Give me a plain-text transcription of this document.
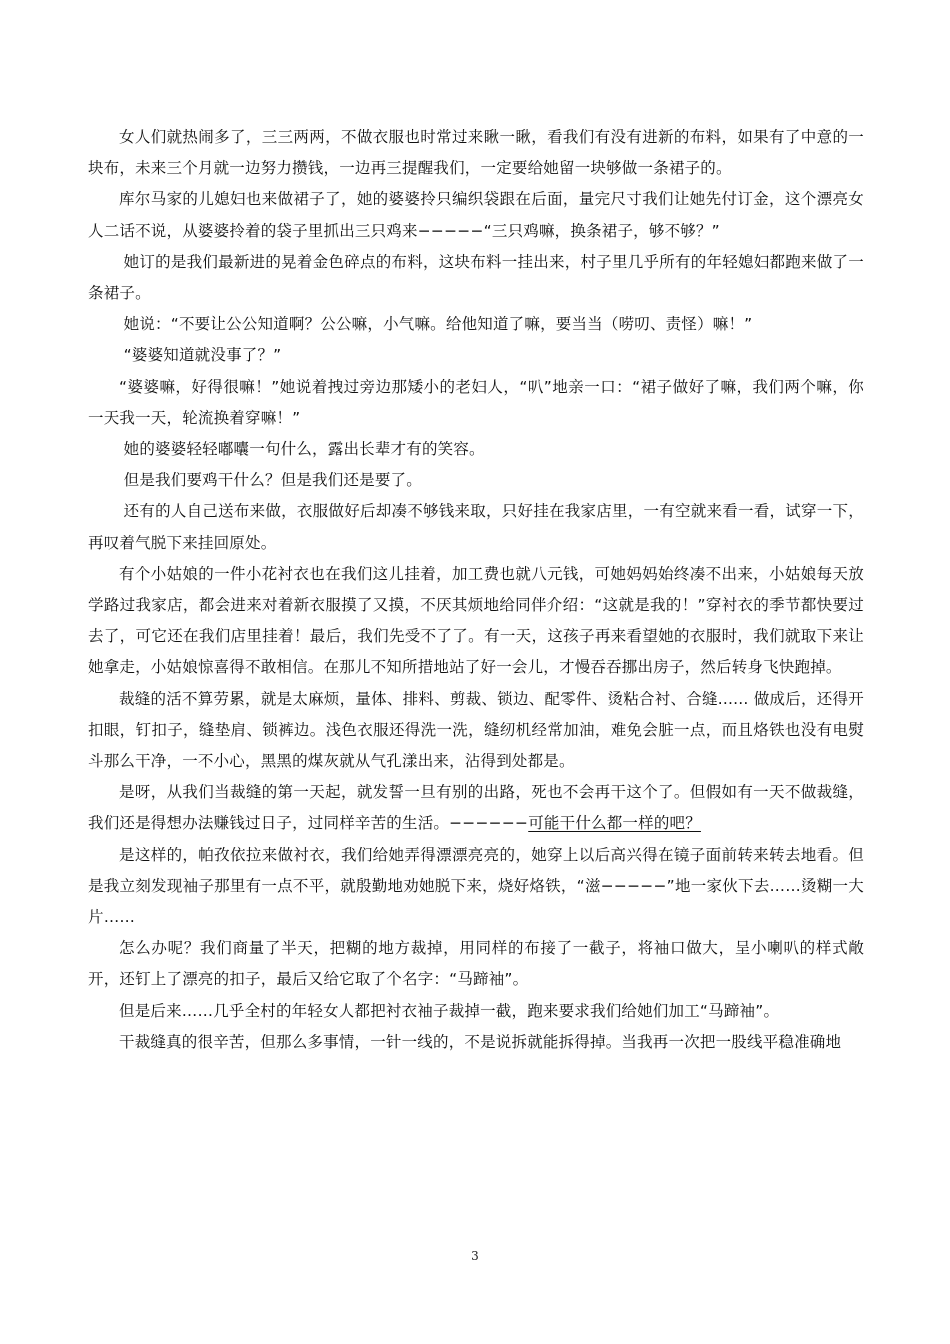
女人们就热闹多了，三三两两，不做衣服也时常过来瞅一瞅，看我们有没有进新的布料，如果有了中意的一块布，未来三个月就一边努力攒钱，一边再三提醒我们，一定要给她留一块够做一条裙子的。

库尔马家的儿媳妇也来做裙子了，她的婆婆拎只编织袋跟在后面，量完尺寸我们让她先付订金，这个漂亮女人二话不说，从婆婆拎着的袋子里抓出三只鸡来−−−−−“三只鸡嘛，换条裙子，够不够？”

她订的是我们最新进的晃着金色碎点的布料，这块布料一挂出来，村子里几乎所有的年轻媳妇都跑来做了一条裙子。

她说：“不要让公公知道啊？公公嘛，小气嘛。给他知道了嘛，要当当（唠叨、责怪）嘛！”

“婆婆知道就没事了？”

“婆婆嘛，好得很嘛！”她说着拽过旁边那矮小的老妇人，“叭”地亲一口：“裙子做好了嘛，我们两个嘛，你一天我一天，轮流换着穿嘛！”

她的婆婆轻轻嘟囔一句什么，露出长辈才有的笑容。

但是我们要鸡干什么？但是我们还是要了。

还有的人自己送布来做，衣服做好后却凑不够钱来取，只好挂在我家店里，一有空就来看一看，试穿一下，再叹着气脱下来挂回原处。

有个小姑娘的一件小花衬衣也在我们这儿挂着，加工费也就八元钱，可她妈妈始终凑不出来，小姑娘每天放学路过我家店，都会进来对着新衣服摸了又摸，不厌其烦地给同伴介绍：“这就是我的！”穿衬衣的季节都快要过去了，可它还在我们店里挂着！最后，我们先受不了了。有一天，这孩子再来看望她的衣服时，我们就取下来让她拿走，小姑娘惊喜得不敢相信。在那儿不知所措地站了好一会儿，才慢吞吞挪出房子，然后转身飞快跑掉。

裁缝的活不算劳累，就是太麻烦，量体、排料、剪裁、锁边、配零件、烫粘合衬、合缝...... 做成后，还得开扣眼，钉扣子，缝垫肩、锁裤边。浅色衣服还得洗一洗，缝纫机经常加油，难免会脏一点，而且烙铁也没有电熨斗那么干净，一不小心，黑黑的煤灰就从气孔漾出来，沾得到处都是。

是呀，从我们当裁缝的第一天起，就发誓一旦有别的出路，死也不会再干这个了。但假如有一天不做裁缝，我们还是得想办法赚钱过日子，过同样辛苦的生活。−−−−−−可能干什么都一样的吧？

是这样的，帕孜依拉来做衬衣，我们给她弄得漂漂亮亮的，她穿上以后高兴得在镜子面前转来转去地看。但是我立刻发现袖子那里有一点不平，就殷勤地劝她脱下来，烧好烙铁，“滋−−−−−”地一家伙下去……烫糊一大片……

怎么办呢？我们商量了半天，把糊的地方裁掉，用同样的布接了一截子，将袖口做大，呈小喇叭的样式敞开，还钉上了漂亮的扣子，最后又给它取了个名字：“马蹄袖”。

但是后来……几乎全村的年轻女人都把衬衣袖子裁掉一截，跑来要求我们给她们加工“马蹄袖”。

干裁缝真的很辛苦，但那么多事情，一针一线的，不是说拆就能拆得掉。当我再一次把一股线平稳准确地

3
